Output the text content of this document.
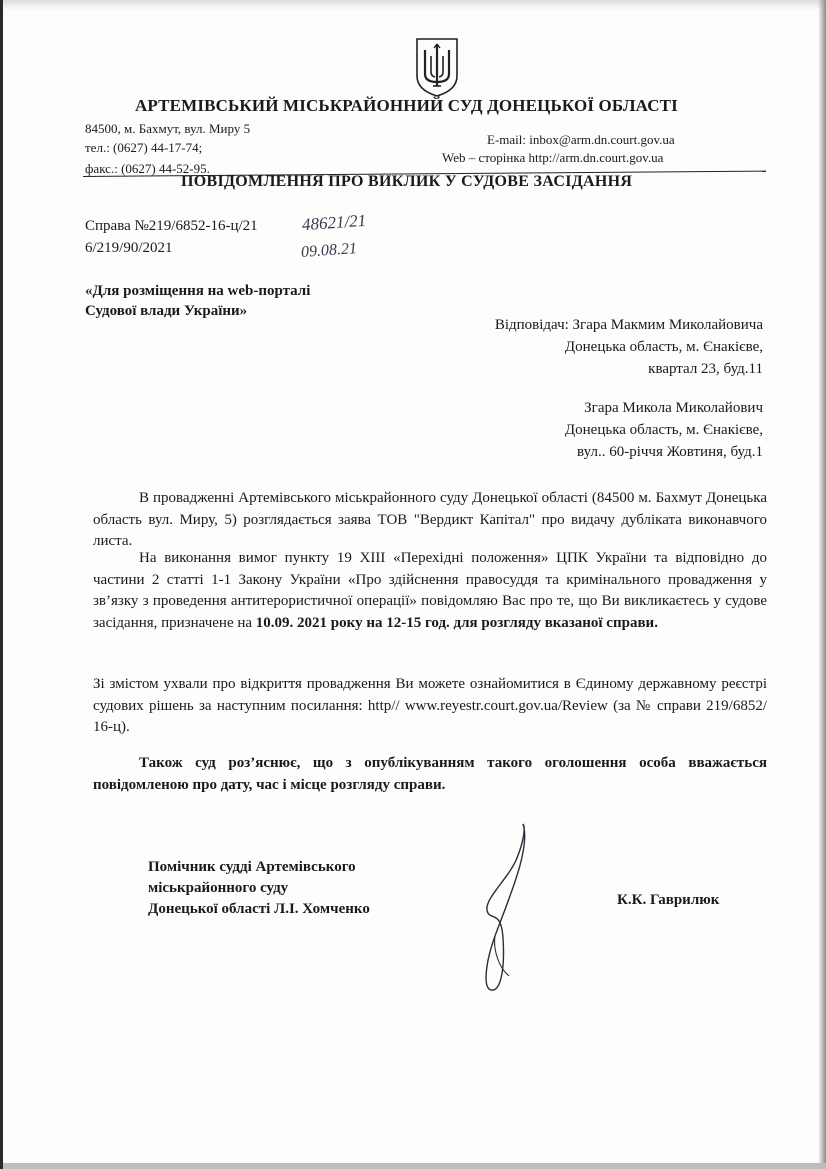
АРТЕМІВСЬКИЙ МІСЬКРАЙОННИЙ СУД ДОНЕЦЬКОЇ ОБЛАСТІ
84500, м. Бахмут, вул. Миру 5
тел.: (0627) 44-17-74;
факс.: (0627) 44-52-95.
E-mail: inbox@arm.dn.court.gov.ua
Web – сторінка http://arm.dn.court.gov.ua
ПОВІДОМЛЕННЯ ПРО ВИКЛИК У СУДОВЕ ЗАСІДАННЯ
Справа №219/6852-16-ц/21
6/219/90/2021
48621/21
09.08.21
«Для розміщення на web-порталі
Судової влади України»
Відповідач: Згара Макмим Миколайовича
Донецька область, м. Єнакієве,
квартал 23, буд.11
Згара Микола Миколайович
Донецька область, м. Єнакієве,
вул.. 60-річчя Жовтиня, буд.1
В провадженні Артемівського міськрайонного суду Донецької області (84500 м. Бахмут Донецька область вул. Миру, 5) розглядається заява ТОВ "Вердикт Капітал" про видачу дубліката виконавчого листа.
На виконання вимог пункту 19 XIII «Перехідні положення» ЦПК України та відповідно до частини 2 статті 1-1 Закону України «Про здійснення правосуддя та кримінального провадження у зв’язку з проведення антитерористичної операції» повідомляю Вас про те, що Ви викликаєтесь у судове засідання, призначене на 10.09. 2021 року на 12-15 год. для розгляду вказаної справи.
Зі змістом ухвали про відкриття провадження Ви можете ознайомитися в Єдиному державному реєстрі судових рішень за наступним посилання: http// www.reyestr.court.gov.ua/Review (за № справи 219/6852/ 16-ц).
Також суд роз’яснює, що з опублікуванням такого оголошення особа вважається повідомленою про дату, час і місце розгляду справи.
Помічник судді Артемівського
міськрайонного суду
Донецької області Л.І. Хомченко
К.К. Гаврилюк
